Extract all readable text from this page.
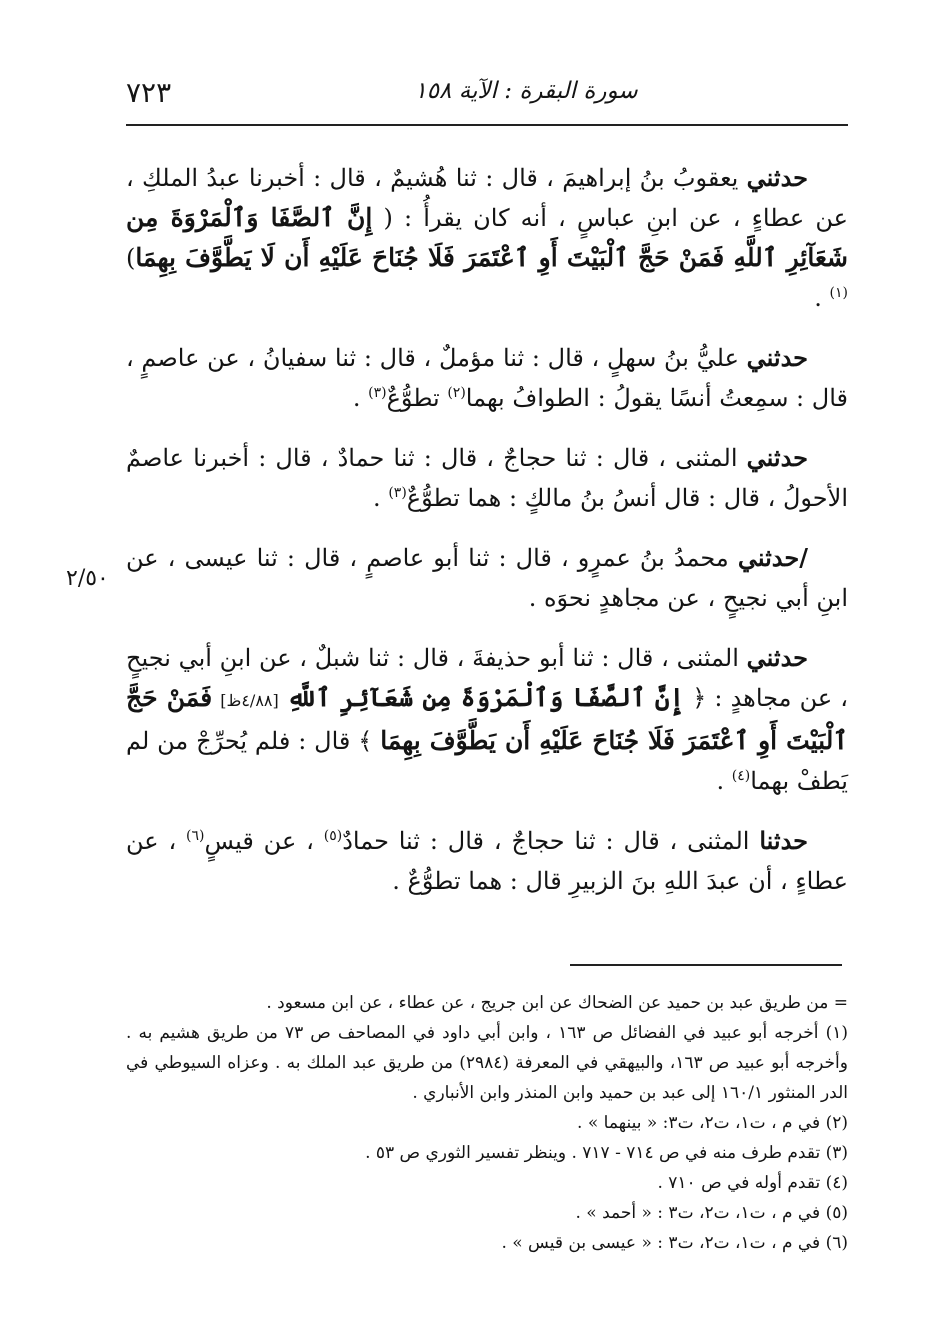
٧٢٣	سورة البقرة : الآية ١٥٨
٢/٥٠

حدثني يعقوبُ بنُ إبراهيمَ ، قال : ثنا هُشيمٌ ، قال : أخبرنا عبدُ الملكِ ، عن عطاءٍ ، عن ابنِ عباسٍ ، أنه كان يقرأُ : ( إِنَّ ٱلصَّفَا وَٱلْمَرْوَةَ مِن شَعَآئِرِ ٱللَّهِ فَمَنْ حَجَّ ٱلْبَيْتَ أَوِ ٱعْتَمَرَ فَلَا جُنَاحَ عَلَيْهِ أَن لَا يَطَّوَّفَ بِهِمَا)$^{(١)}$ .

حدثني عليُّ بنُ سهلٍ ، قال : ثنا مؤملٌ ، قال : ثنا سفيانُ ، عن عاصمٍ ، قال : سمِعتُ أنسًا يقولُ : الطوافُ بهما$^{(٢)}$ تطوُّعٌ$^{(٣)}$ .

حدثني المثنى ، قال : ثنا حجاجٌ ، قال : ثنا حمادٌ ، قال : أخبرنا عاصمٌ الأحولُ ، قال : قال أنسُ بنُ مالكٍ : هما تطوُّعٌ$^{(٣)}$ .

/حدثني محمدُ بنُ عمرٍو ، قال : ثنا أبو عاصمٍ ، قال : ثنا عيسى ، عن ابنِ أبي نجيحٍ ، عن مجاهدٍ نحوَه .

حدثني المثنى ، قال : ثنا أبو حذيفةَ ، قال : ثنا شبلٌ ، عن ابنِ أبي نجيحٍ ، عن مجاهدٍ : ﴿ إِنَّ ٱلصَّفَا وَٱلْمَرْوَةَ مِن شَعَآئِرِ ٱللَّهِ [٤/٨٨ظ] فَمَنْ حَجَّ ٱلْبَيْتَ أَوِ ٱعْتَمَرَ فَلَا جُنَاحَ عَلَيْهِ أَن يَطَّوَّفَ بِهِمَا ﴾ قال : فلم يُحرِّجْ من لم يَطفْ بهما$^{(٤)}$ .

حدثنا المثنى ، قال : ثنا حجاجٌ ، قال : ثنا حمادٌ$^{(٥)}$ ، عن قيسٍ$^{(٦)}$ ، عن عطاءٍ ، أن عبدَ اللهِ بنَ الزبيرِ قال : هما تطوُّعٌ .

= من طريق عبد بن حميد عن الضحاك عن ابن جريج ، عن عطاء ، عن ابن مسعود .

(١) أخرجه أبو عبيد في الفضائل ص ١٦٣ ، وابن أبي داود في المصاحف ص ٧٣ من طريق هشيم به . وأخرجه أبو عبيد ص ١٦٣، والبيهقي في المعرفة (٢٩٨٤) من طريق عبد الملك به . وعزاه السيوطي في الدر المنثور ١٦٠/١ إلى عبد بن حميد وابن المنذر وابن الأنباري .

(٢) في م ، ت١، ت٢، ت٣: « بينهما » .

(٣) تقدم طرف منه في ص ٧١٤ - ٧١٧ . وينظر تفسير الثوري ص ٥٣ .

(٤) تقدم أوله في ص ٧١٠ .

(٥) في م ، ت١، ت٢، ت٣ : « أحمد » .

(٦) في م ، ت١، ت٢، ت٣ : « عيسى بن قيس » .
